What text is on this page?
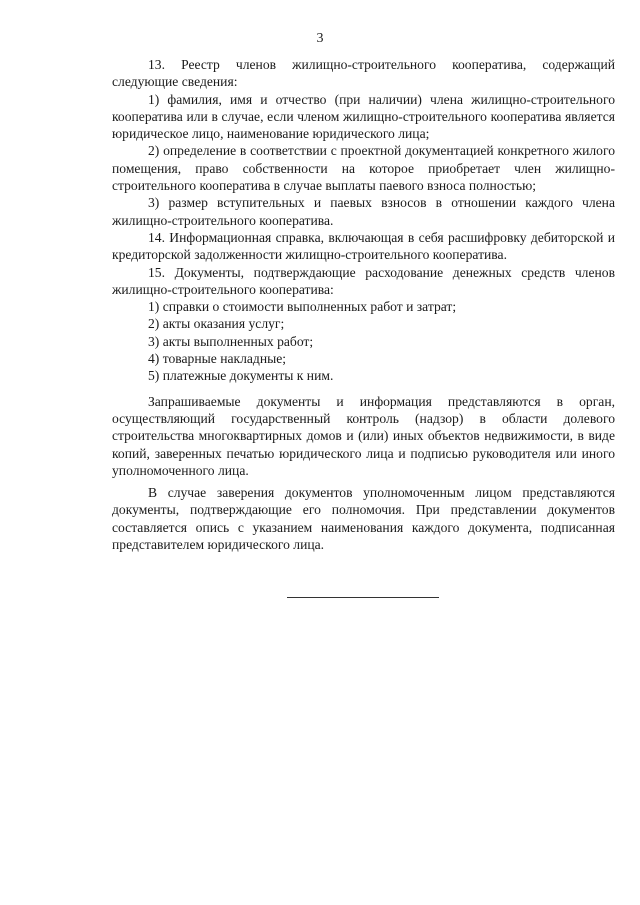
3

13. Реестр членов жилищно-строительного кооператива, содержащий следующие сведения:

1) фамилия, имя и отчество (при наличии) члена жилищно-строительного кооператива или в случае, если членом жилищно-строительного кооператива является юридическое лицо, наименование юридического лица;

2) определение в соответствии с проектной документацией конкретного жилого помещения, право собственности на которое приобретает член жилищно-строительного кооператива в случае выплаты паевого взноса полностью;

3) размер вступительных и паевых взносов в отношении каждого члена жилищно-строительного кооператива.

14. Информационная справка, включающая в себя расшифровку дебиторской и кредиторской задолженности жилищно-строительного кооператива.

15. Документы, подтверждающие расходование денежных средств членов жилищно-строительного кооператива:

1) справки о стоимости выполненных работ и затрат;

2) акты оказания услуг;

3) акты выполненных работ;

4) товарные накладные;

5) платежные документы к ним.

Запрашиваемые документы и информация представляются в орган, осуществляющий государственный контроль (надзор) в области долевого строительства многоквартирных домов и (или) иных объектов недвижимости, в виде копий, заверенных печатью юридического лица и подписью руководителя или иного уполномоченного лица.

В случае заверения документов уполномоченным лицом представляются документы, подтверждающие его полномочия. При представлении документов составляется опись с указанием наименования каждого документа, подписанная представителем юридического лица.
